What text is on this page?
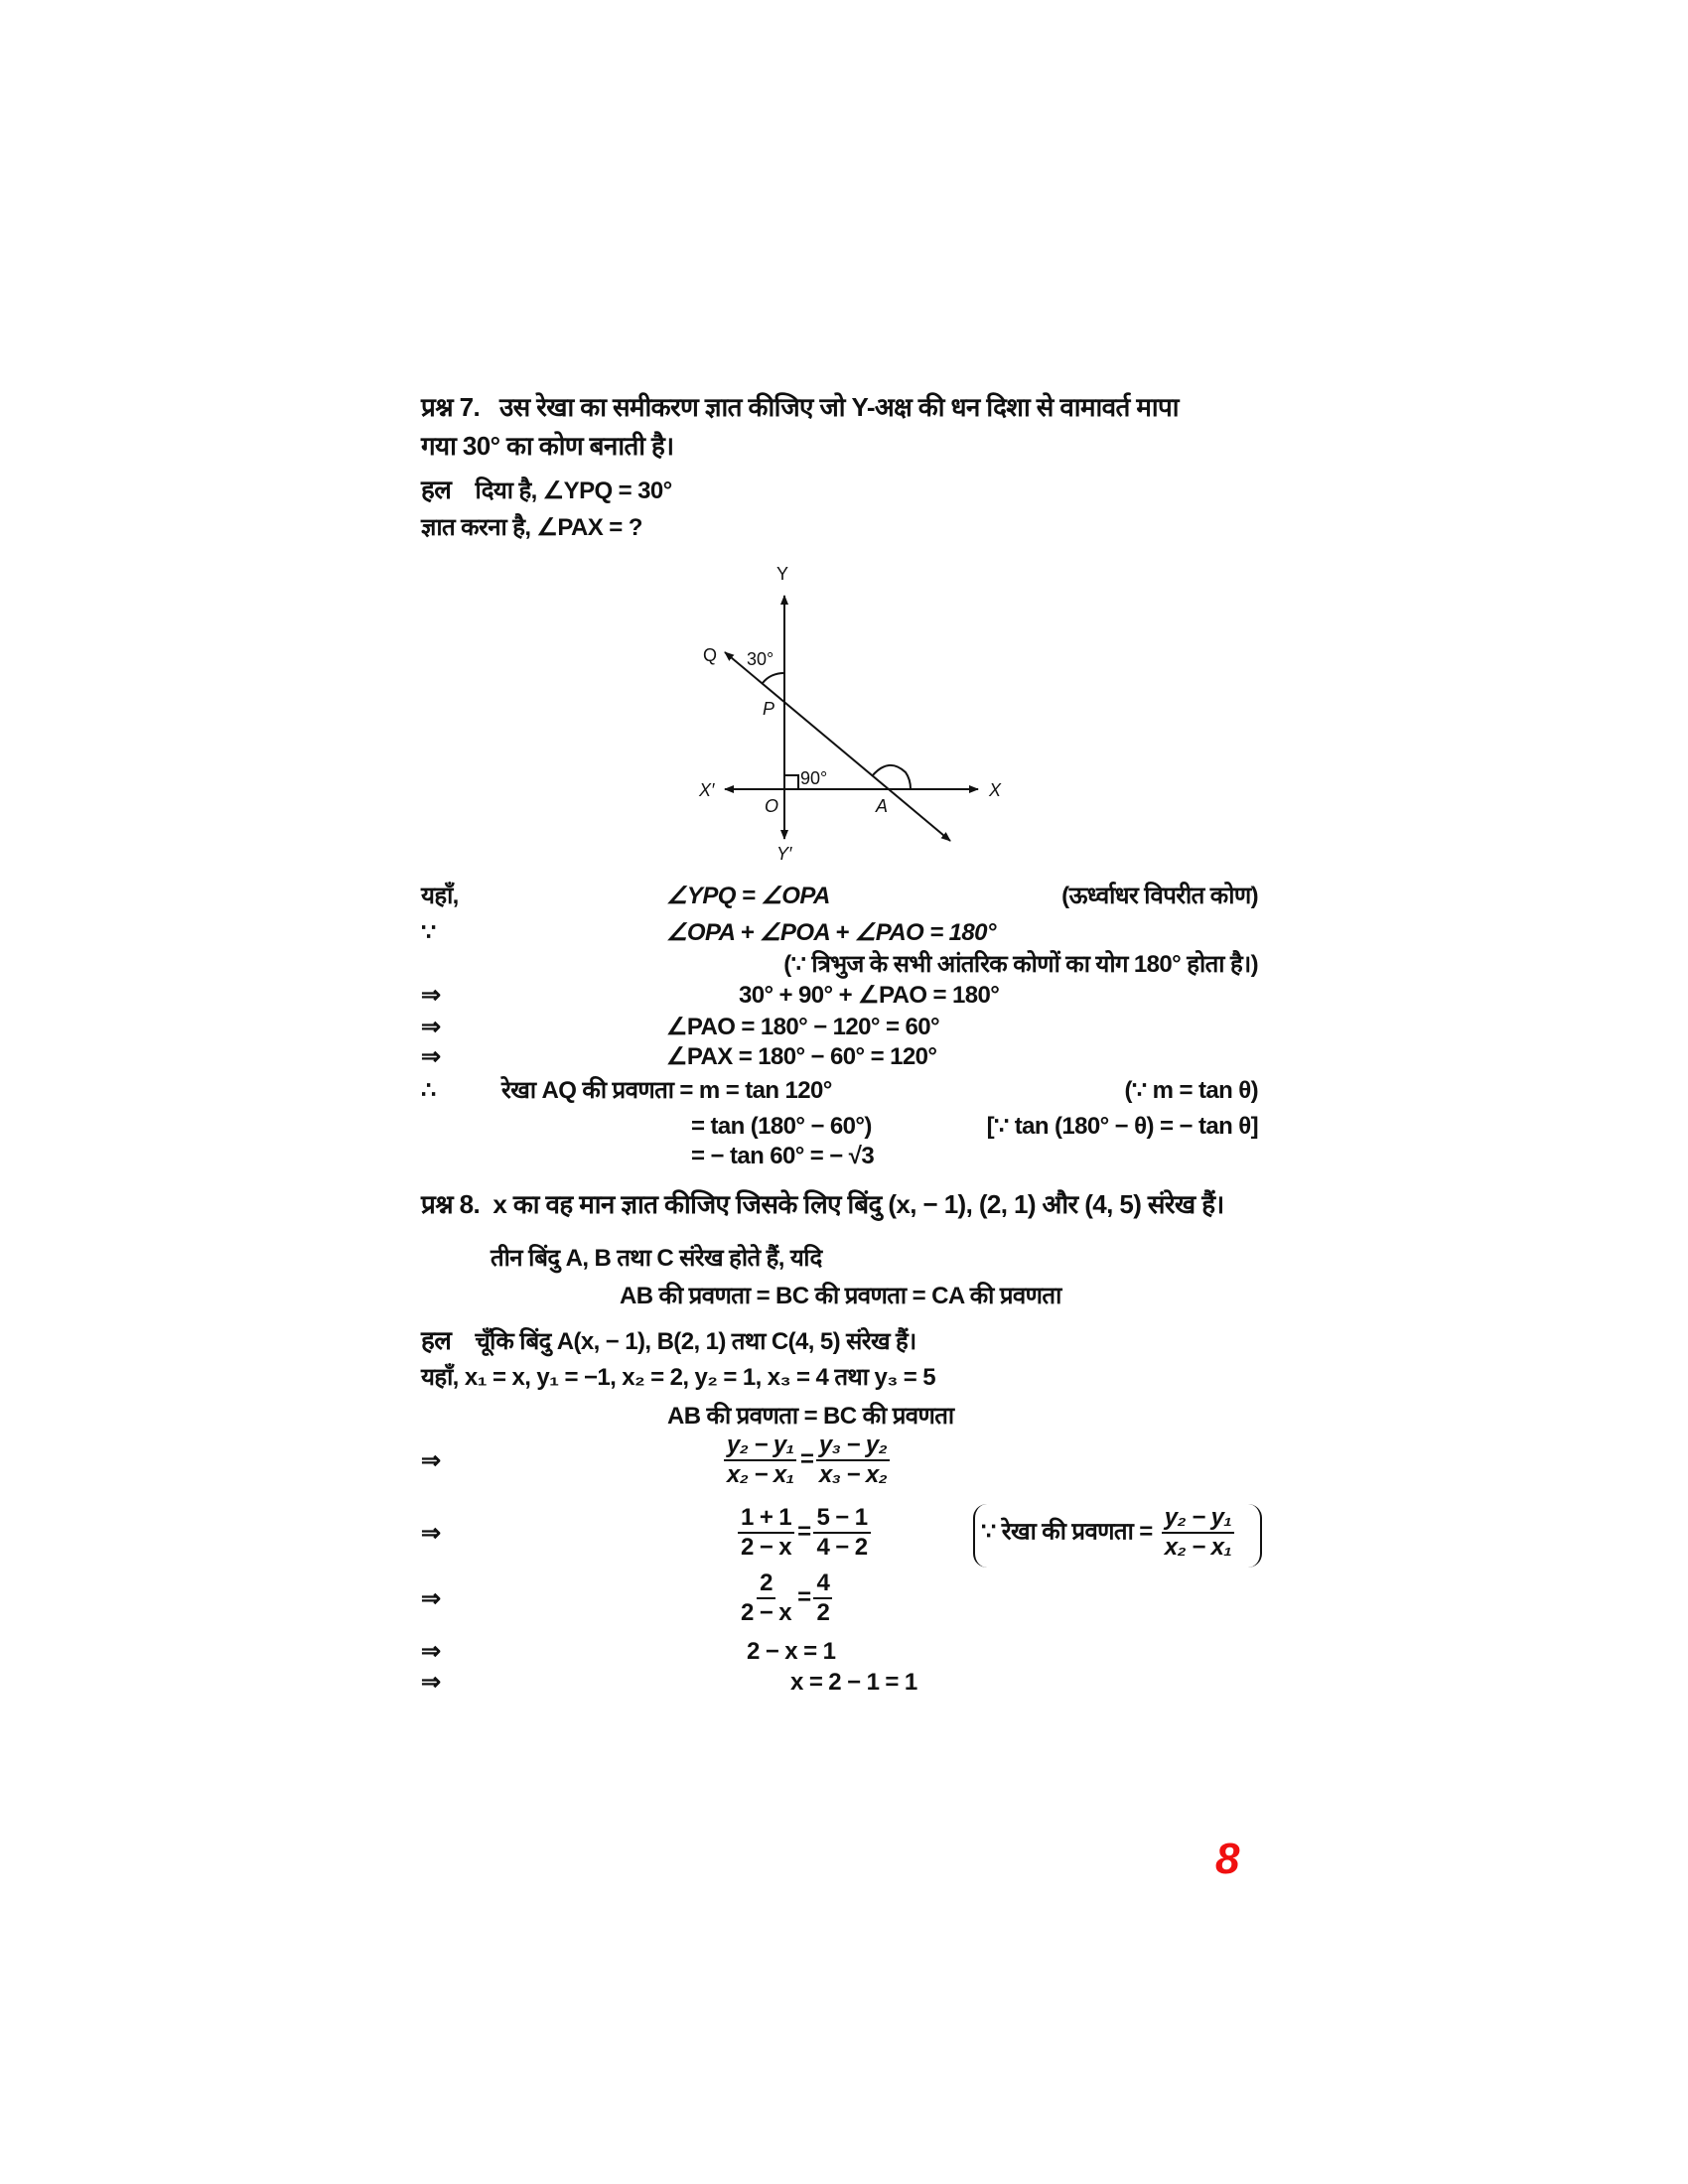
प्रश्न 7. उस रेखा का समीकरण ज्ञात कीजिए जो Y-अक्ष की धन दिशा से वामावर्त मापा
गया 30° का कोण बनाती है।
हल दिया है, ∠YPQ = 30°
ज्ञात करना है, ∠PAX = ?
Y
Y′
X
X′
O
P
Q
A
30°
90°
यहाँ,	∠YPQ = ∠OPA	(ऊर्ध्वाधर विपरीत कोण)
∵	∠OPA + ∠POA + ∠PAO = 180°
(∵ त्रिभुज के सभी आंतरिक कोणों का योग 180° होता है।)
⇒	30° + 90° + ∠PAO = 180°
⇒	∠PAO = 180° − 120° = 60°
⇒	∠PAX = 180° − 60° = 120°
∴	रेखा AQ की प्रवणता = m = tan 120°	(∵ m = tan θ)
= tan (180° − 60°)	[∵ tan (180° − θ) = − tan θ]
= − tan 60° = − √3
प्रश्न 8. x का वह मान ज्ञात कीजिए जिसके लिए बिंदु (x, − 1), (2, 1) और (4, 5) संरेख हैं।
तीन बिंदु A, B तथा C संरेख होते हैं, यदि
AB की प्रवणता = BC की प्रवणता = CA की प्रवणता
हल चूँकि बिंदु A(x, − 1), B(2, 1) तथा C(4, 5) संरेख हैं।
यहाँ, x₁ = x, y₁ = −1, x₂ = 2, y₂ = 1, x₃ = 4 तथा y₃ = 5
AB की प्रवणता = BC की प्रवणता
⇒	$\frac{\text{y₂ − y₁}}{\text{x₂ − x₁}} = \frac{\text{y₃ − y₂}}{\text{x₃ − x₂}}$
⇒	$\frac{1 + 1}{2 - x} = \frac{5 - 1}{4 - 2}$	∵ रेखा की प्रवणता = $\frac{\text{y₂ − y₁}}{\text{x₂ − x₁}}$
⇒	$\frac{2}{2 - x} = \frac{4}{2}$
⇒	2 − x = 1
⇒	x = 2 − 1 = 1
8
